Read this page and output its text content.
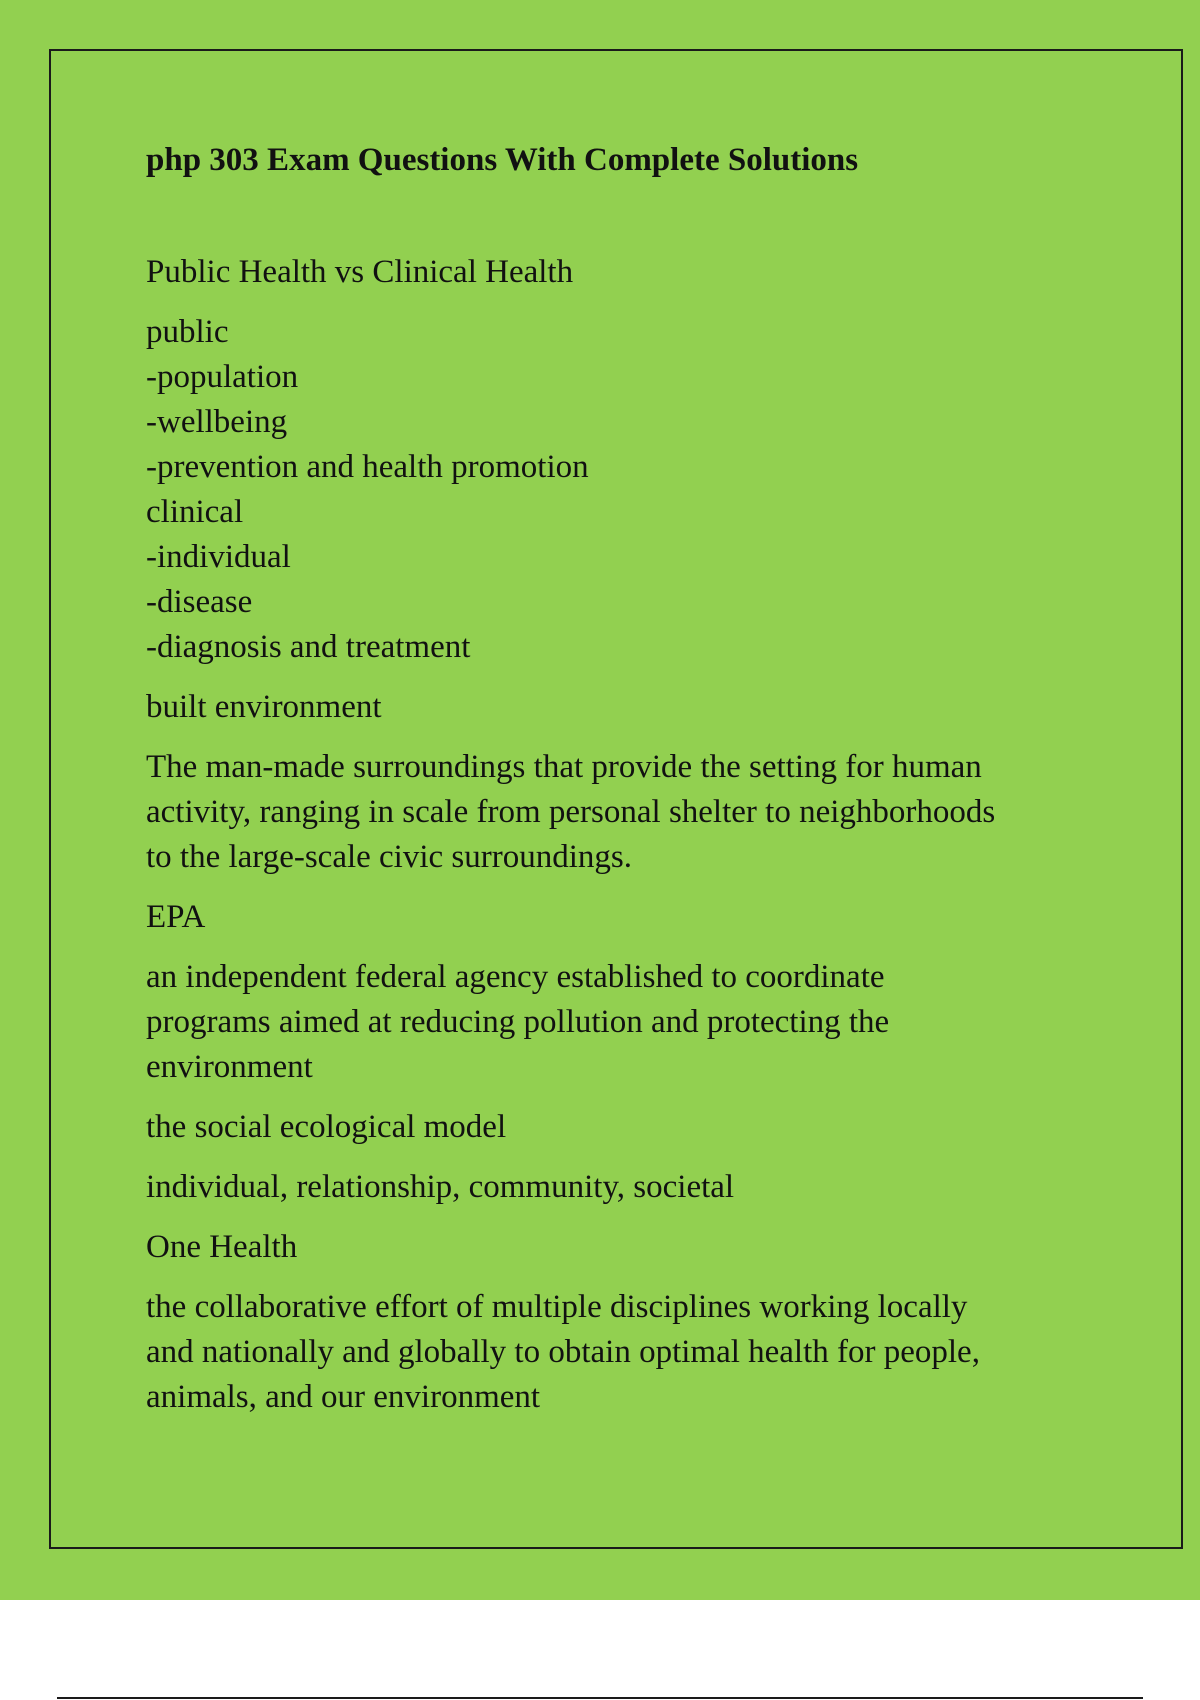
php 303 Exam Questions With Complete Solutions
Public Health vs Clinical Health
public
-population
-wellbeing
-prevention and health promotion
clinical
-individual
-disease
-diagnosis and treatment
built environment
The man-made surroundings that provide the setting for human
activity, ranging in scale from personal shelter to neighborhoods
to the large-scale civic surroundings.
EPA
an independent federal agency established to coordinate
programs aimed at reducing pollution and protecting the
environment
the social ecological model
individual, relationship, community, societal
One Health
the collaborative effort of multiple disciplines working locally
and nationally and globally to obtain optimal health for people,
animals, and our environment
